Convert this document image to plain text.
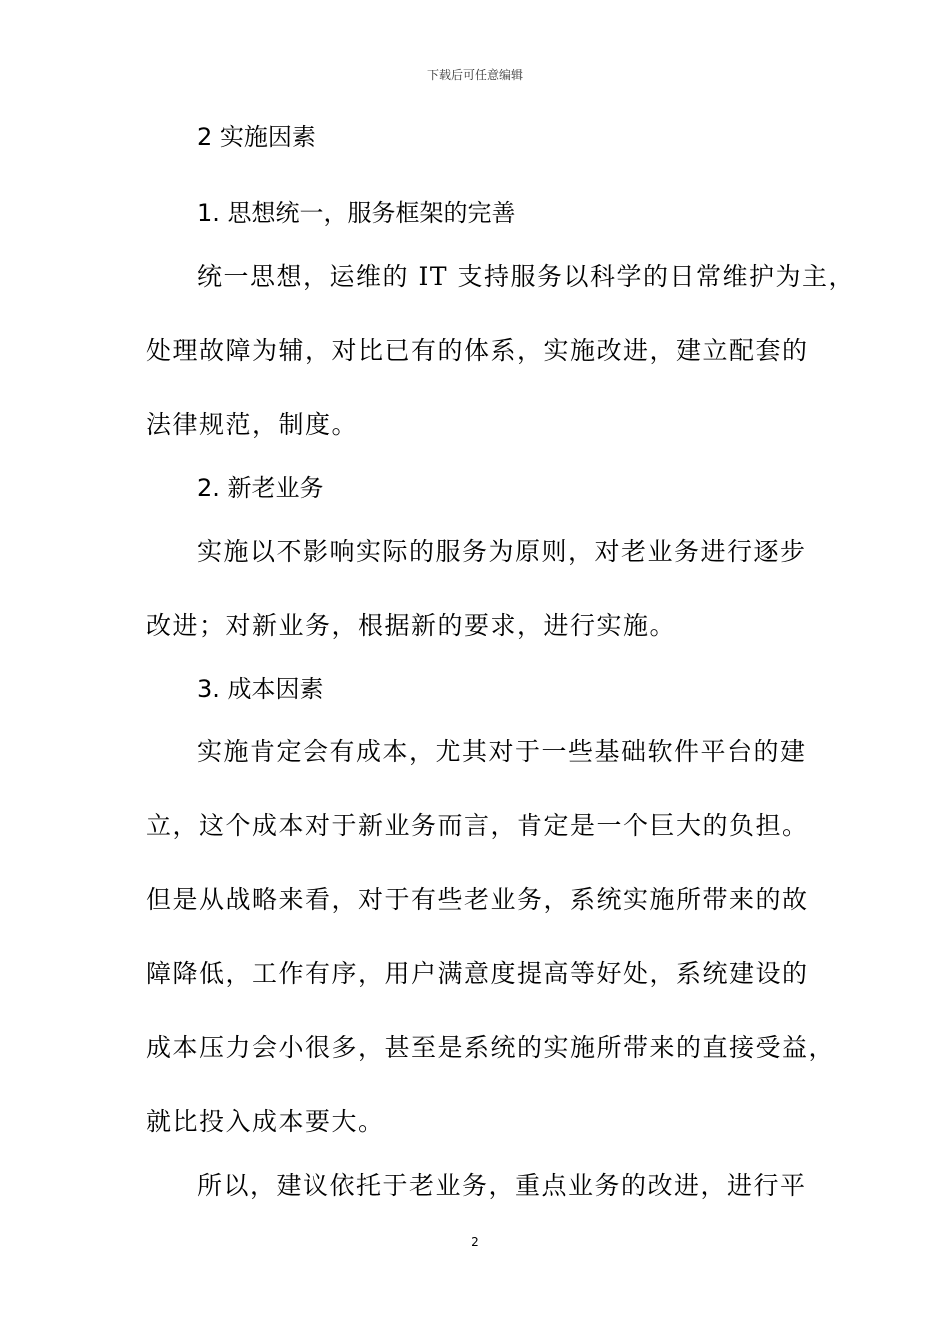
下载后可任意编辑
2 实施因素
1. 思想统一，服务框架的完善
统一思想，运维的 IT 支持服务以科学的日常维护为主，
处理故障为辅，对比已有的体系，实施改进，建立配套的
法律规范，制度。
2. 新老业务
实施以不影响实际的服务为原则，对老业务进行逐步
改进；对新业务，根据新的要求，进行实施。
3. 成本因素
实施肯定会有成本，尤其对于一些基础软件平台的建
立，这个成本对于新业务而言，肯定是一个巨大的负担。
但是从战略来看，对于有些老业务，系统实施所带来的故
障降低，工作有序，用户满意度提高等好处，系统建设的
成本压力会小很多，甚至是系统的实施所带来的直接受益，
就比投入成本要大。
所以，建议依托于老业务，重点业务的改进，进行平
2
